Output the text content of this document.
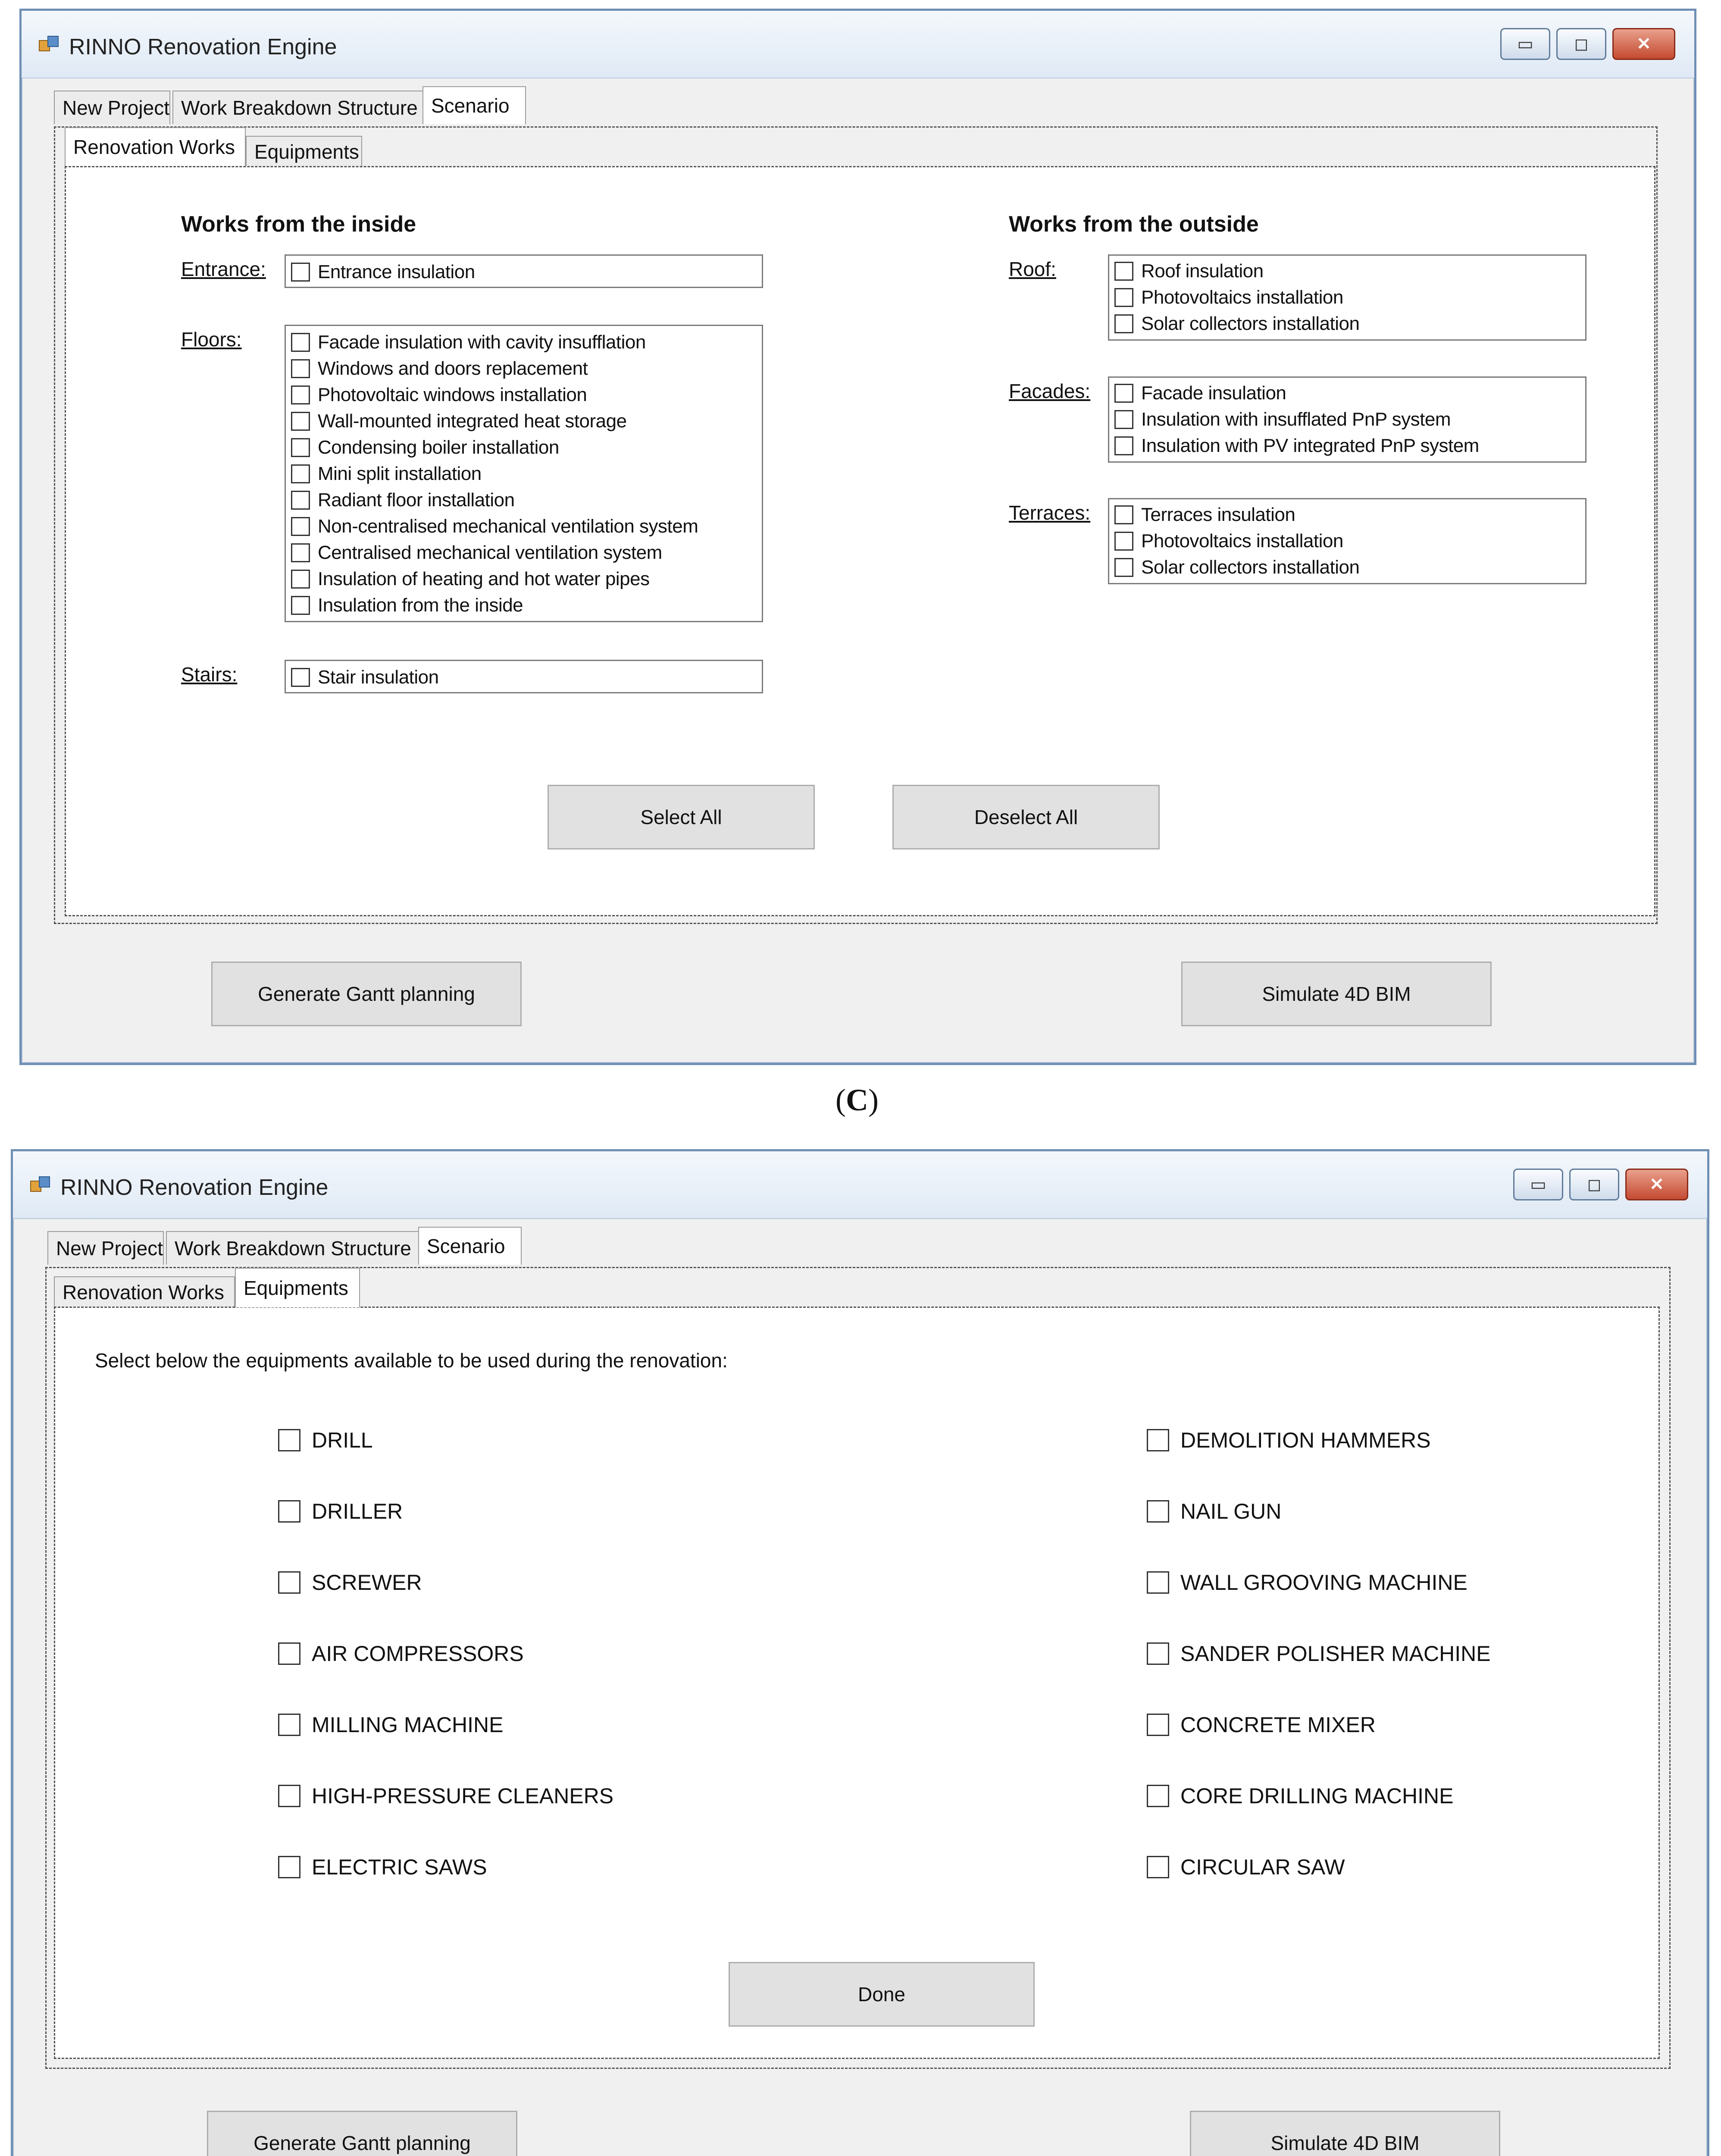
RINNO Renovation Engine	▭ ◻	✕
New Project Work Breakdown Structure Scenario
Renovation Works Equipments
Works from the inside
Entrance:	Entrance insulation
Floors:	Facade insulation with cavity insufflation
Windows and doors replacement
Photovoltaic windows installation
Wall-mounted integrated heat storage
Condensing boiler installation
Mini split installation
Radiant floor installation
Non-centralised mechanical ventilation system
Centralised mechanical ventilation system
Insulation of heating and hot water pipes
Insulation from the inside
Stairs:	Stair insulation
Works from the outside
Roof:	Roof insulation
Photovoltaics installation
Solar collectors installation
Facades:	Facade insulation
Insulation with insufflated PnP system
Insulation with PV integrated PnP system
Terraces:	Terraces insulation
Photovoltaics installation
Solar collectors installation
Select All	Deselect All
Generate Gantt planning	Simulate 4D BIM
(C)
RINNO Renovation Engine	▭ ◻	✕
New Project Work Breakdown Structure Scenario
Renovation Works Equipments
Select below the equipments available to be used during the renovation:
DRILL
DRILLER
SCREWER
AIR COMPRESSORS
MILLING MACHINE
HIGH-PRESSURE CLEANERS
ELECTRIC SAWS
DEMOLITION HAMMERS
NAIL GUN
WALL GROOVING MACHINE
SANDER POLISHER MACHINE
CONCRETE MIXER
CORE DRILLING MACHINE
CIRCULAR SAW
Done
Generate Gantt planning	Simulate 4D BIM
